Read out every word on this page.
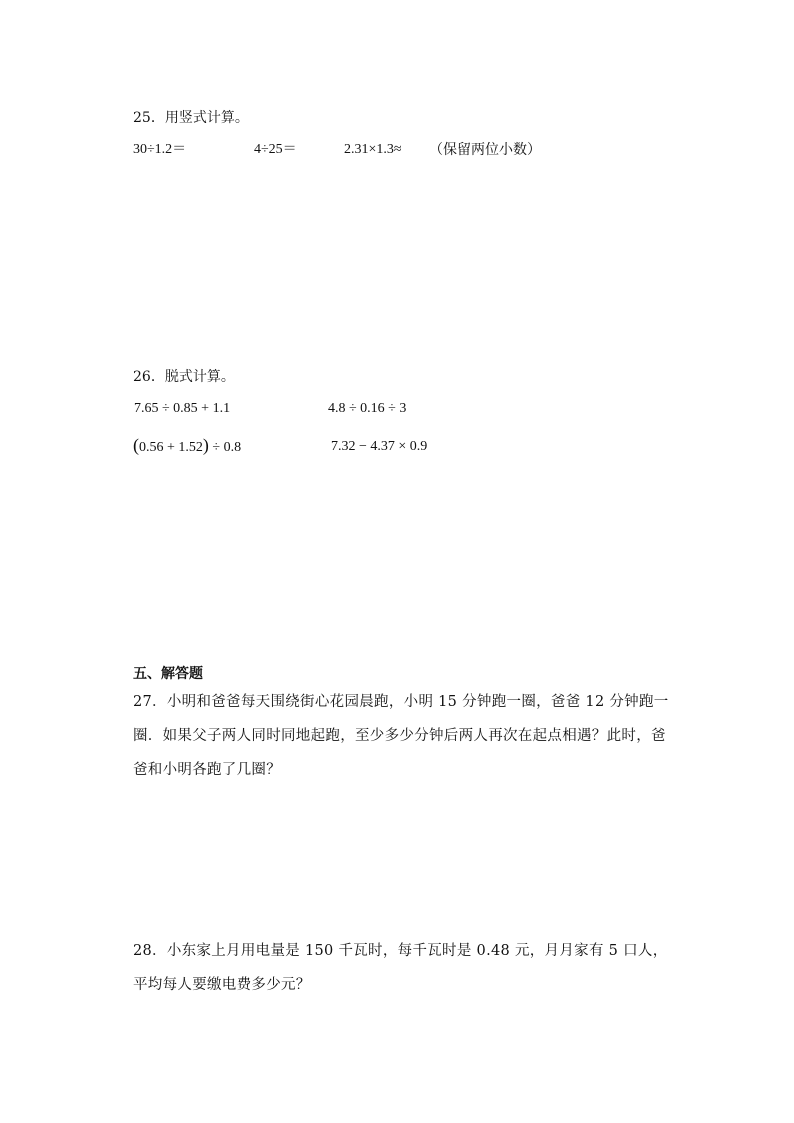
25．用竖式计算。
30÷1.2＝	4÷25＝	2.31×1.3≈ （保留两位小数）
26．脱式计算。
7.65 ÷ 0.85 + 1.1	4.8 ÷ 0.16 ÷ 3
(0.56 + 1.52) ÷ 0.8	7.32 − 4.37 × 0.9
五、解答题
27．小明和爸爸每天围绕街心花园晨跑，小明 15 分钟跑一圈，爸爸 12 分钟跑一圈．如果父子两人同时同地起跑，至少多少分钟后两人再次在起点相遇？此时，爸爸和小明各跑了几圈？
28．小东家上月用电量是 150 千瓦时，每千瓦时是 0.48 元，月月家有 5 口人，平均每人要缴电费多少元？
